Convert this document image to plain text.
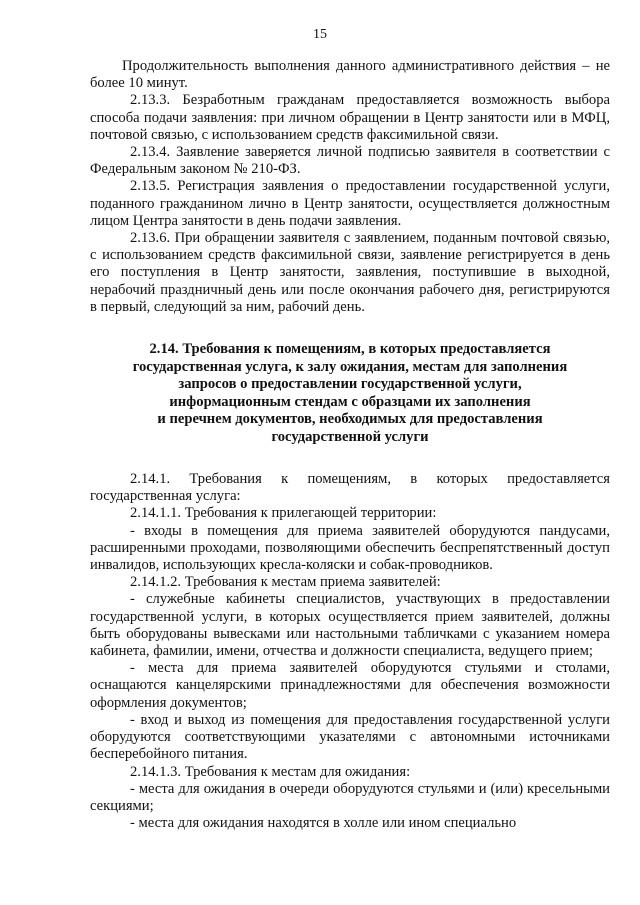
15

Продолжительность выполнения данного административного действия – не более 10 минут.

2.13.3. Безработным гражданам предоставляется возможность выбора способа подачи заявления: при личном обращении в Центр занятости или в МФЦ, почтовой связью, с использованием средств факсимильной связи.

2.13.4. Заявление заверяется личной подписью заявителя в соответствии с Федеральным законом № 210-ФЗ.

2.13.5. Регистрация заявления о предоставлении государственной услуги, поданного гражданином лично в Центр занятости, осуществляется должностным лицом Центра занятости в день подачи заявления.

2.13.6. При обращении заявителя с заявлением, поданным почтовой связью, с использованием средств факсимильной связи, заявление регистрируется в день его поступления в Центр занятости, заявления, поступившие в выходной, нерабочий праздничный день или после окончания рабочего дня, регистрируются в первый, следующий за ним, рабочий день.

2.14. Требования к помещениям, в которых предоставляется
государственная услуга, к залу ожидания, местам для заполнения
запросов о предоставлении государственной услуги,
информационным стендам с образцами их заполнения
и перечнем документов, необходимых для предоставления
государственной услуги

2.14.1. Требования к помещениям, в которых предоставляется государственная услуга:

2.14.1.1. Требования к прилегающей территории:

- входы в помещения для приема заявителей оборудуются пандусами, расширенными проходами, позволяющими обеспечить беспрепятственный доступ инвалидов, использующих кресла-коляски и собак-проводников.

2.14.1.2. Требования к местам приема заявителей:

- служебные кабинеты специалистов, участвующих в предоставлении государственной услуги, в которых осуществляется прием заявителей, должны быть оборудованы вывесками или настольными табличками с указанием номера кабинета, фамилии, имени, отчества и должности специалиста, ведущего прием;

- места для приема заявителей оборудуются стульями и столами, оснащаются канцелярскими принадлежностями для обеспечения возможности оформления документов;

- вход и выход из помещения для предоставления государственной услуги оборудуются соответствующими указателями с автономными источниками бесперебойного питания.

2.14.1.3. Требования к местам для ожидания:

- места для ожидания в очереди оборудуются стульями и (или) кресельными секциями;

- места для ожидания находятся в холле или ином специально
